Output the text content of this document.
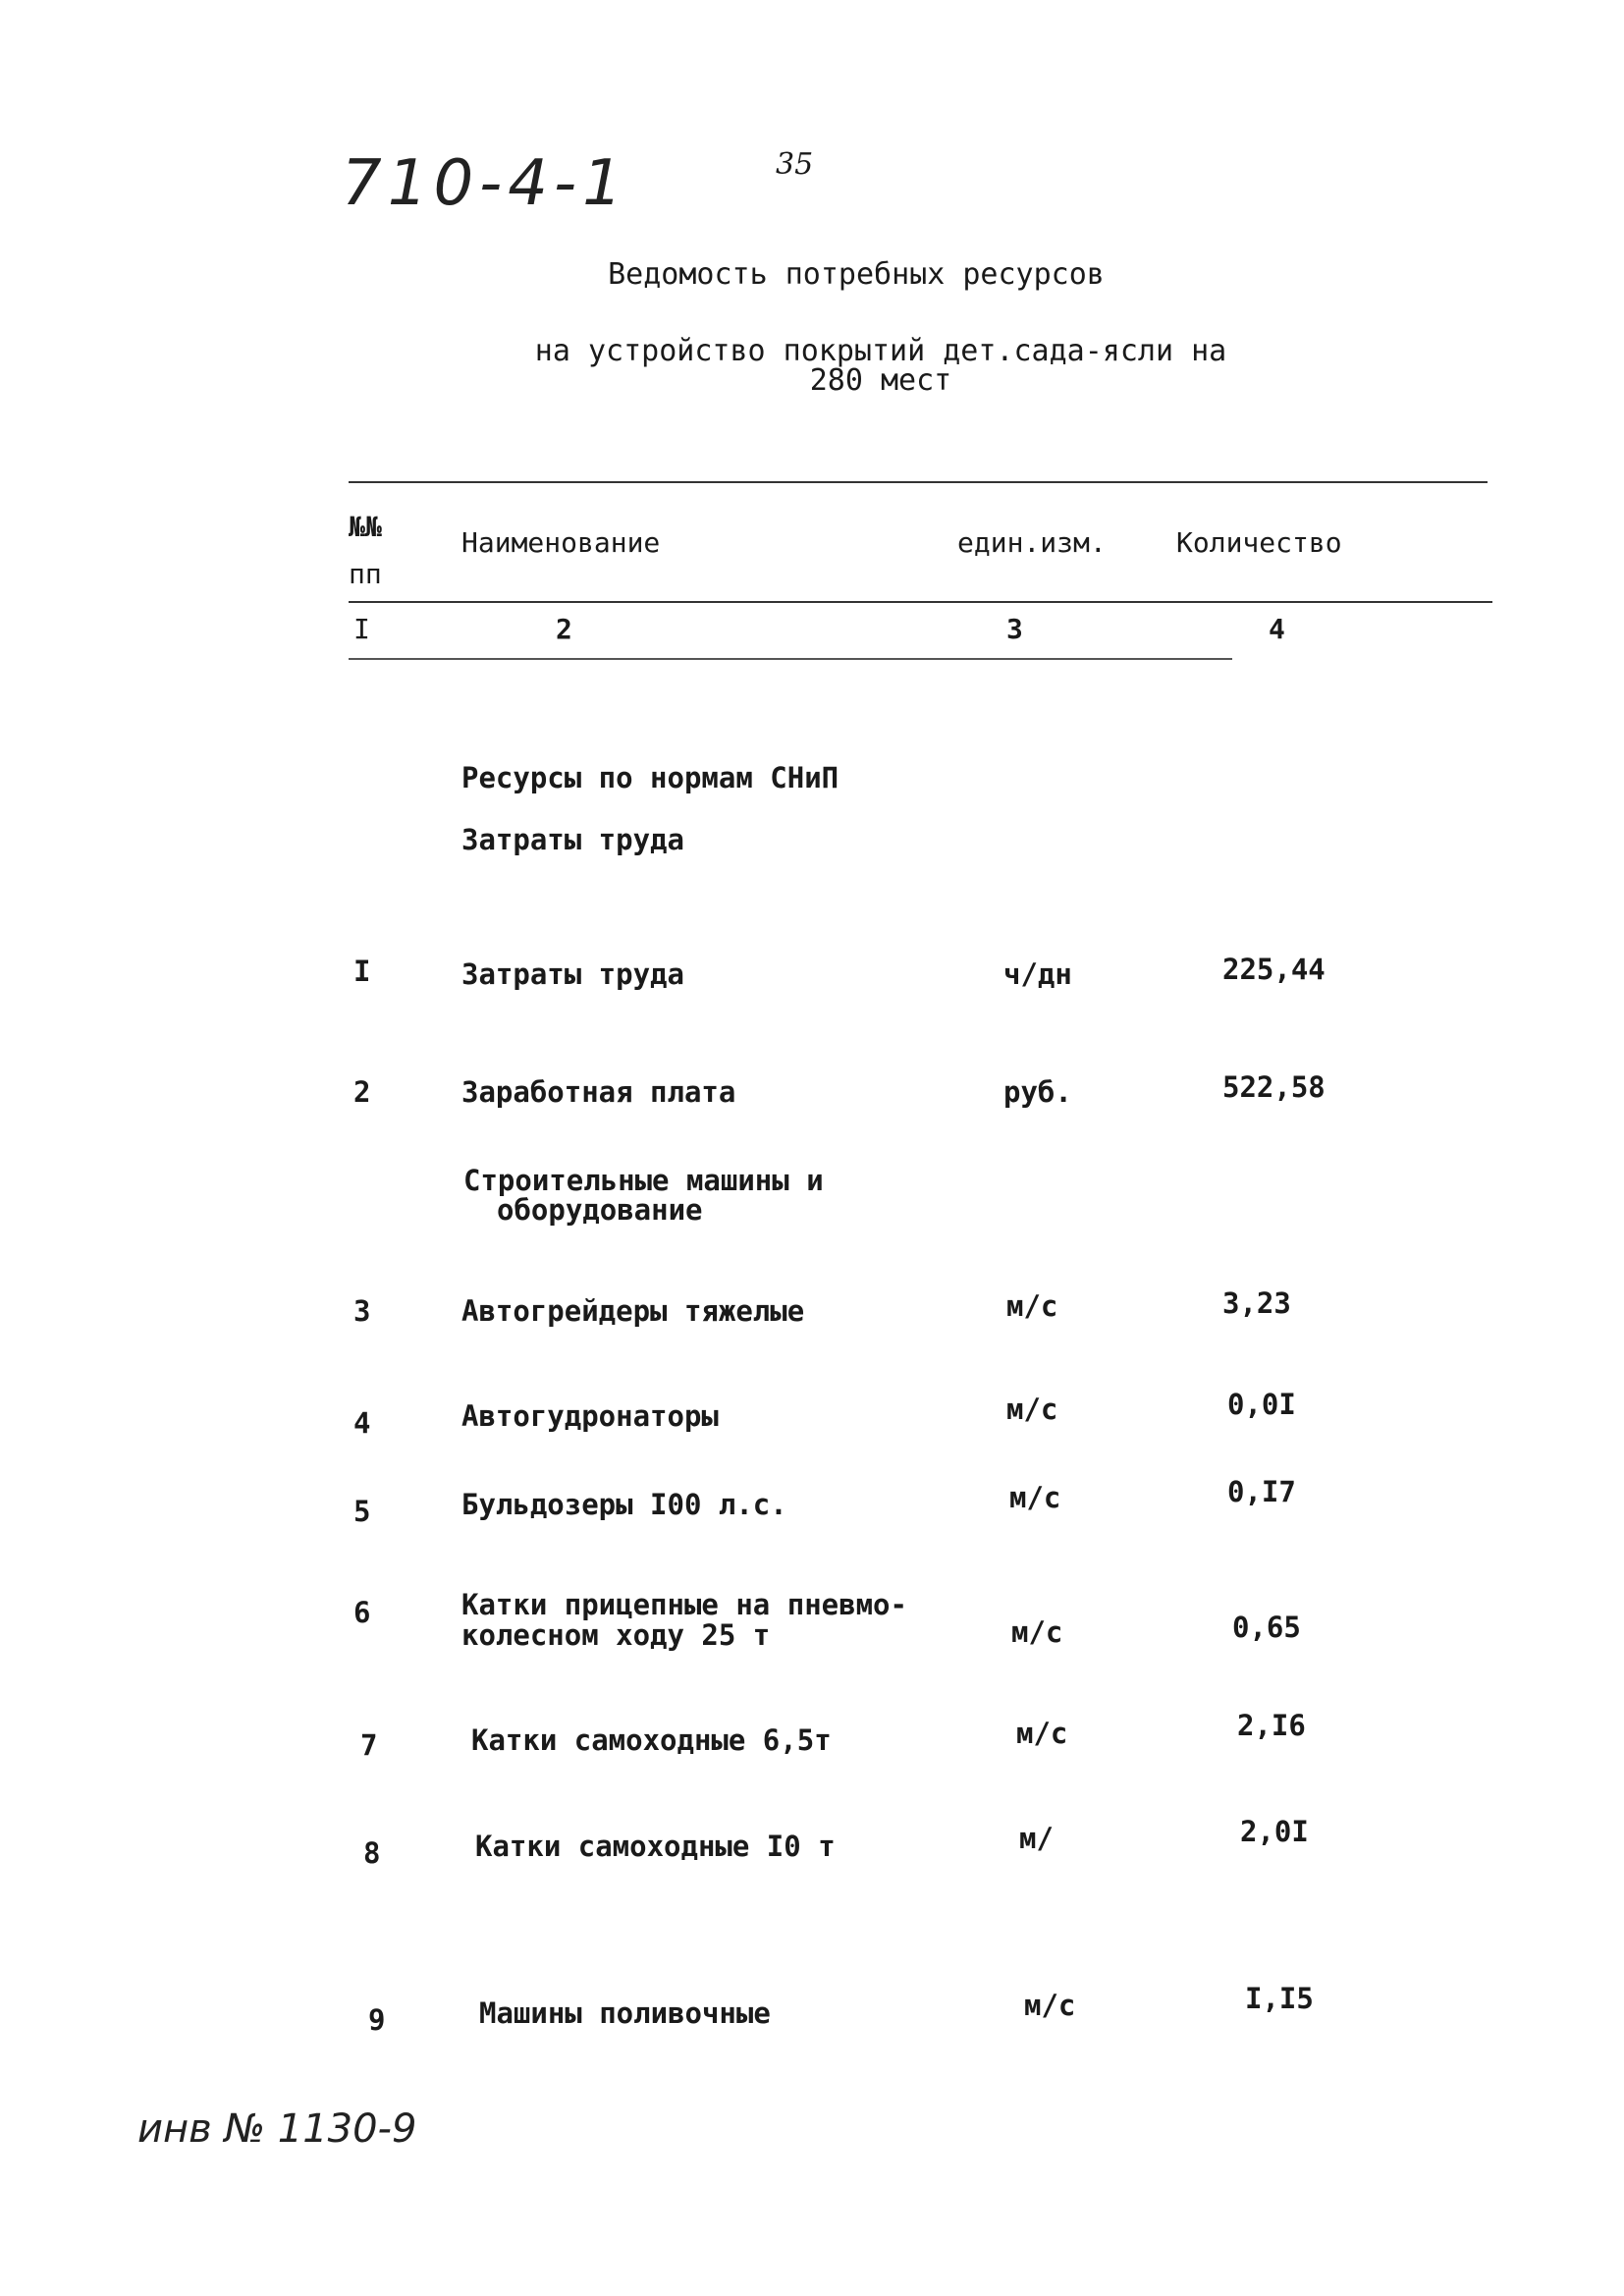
710-4-1	35
Ведомость потребных ресурсов
на устройство покрытий дет.сада-ясли на
280 мест
№№
пп
Наименование	един.изм.	Количество
I	2	3	4
Ресурсы по нормам СНиП
Затраты труда
I	Затраты труда	ч/дн	225,44
2	Заработная плата	руб.	522,58
Строительные машины и
оборудование
3	Автогрейдеры тяжелые	м/с	3,23
4	Автогудронаторы	м/с	0,0I
5	Бульдозеры I00 л.с.	м/с	0,I7
6	Катки прицепные на пневмо-
колесном ходу 25 т	м/с	0,65
7	Катки самоходные 6,5т	м/с	2,I6
8	Катки самоходные I0 т	м/	2,0I
9	Машины поливочные	м/с	I,I5
инв № 1130-9
